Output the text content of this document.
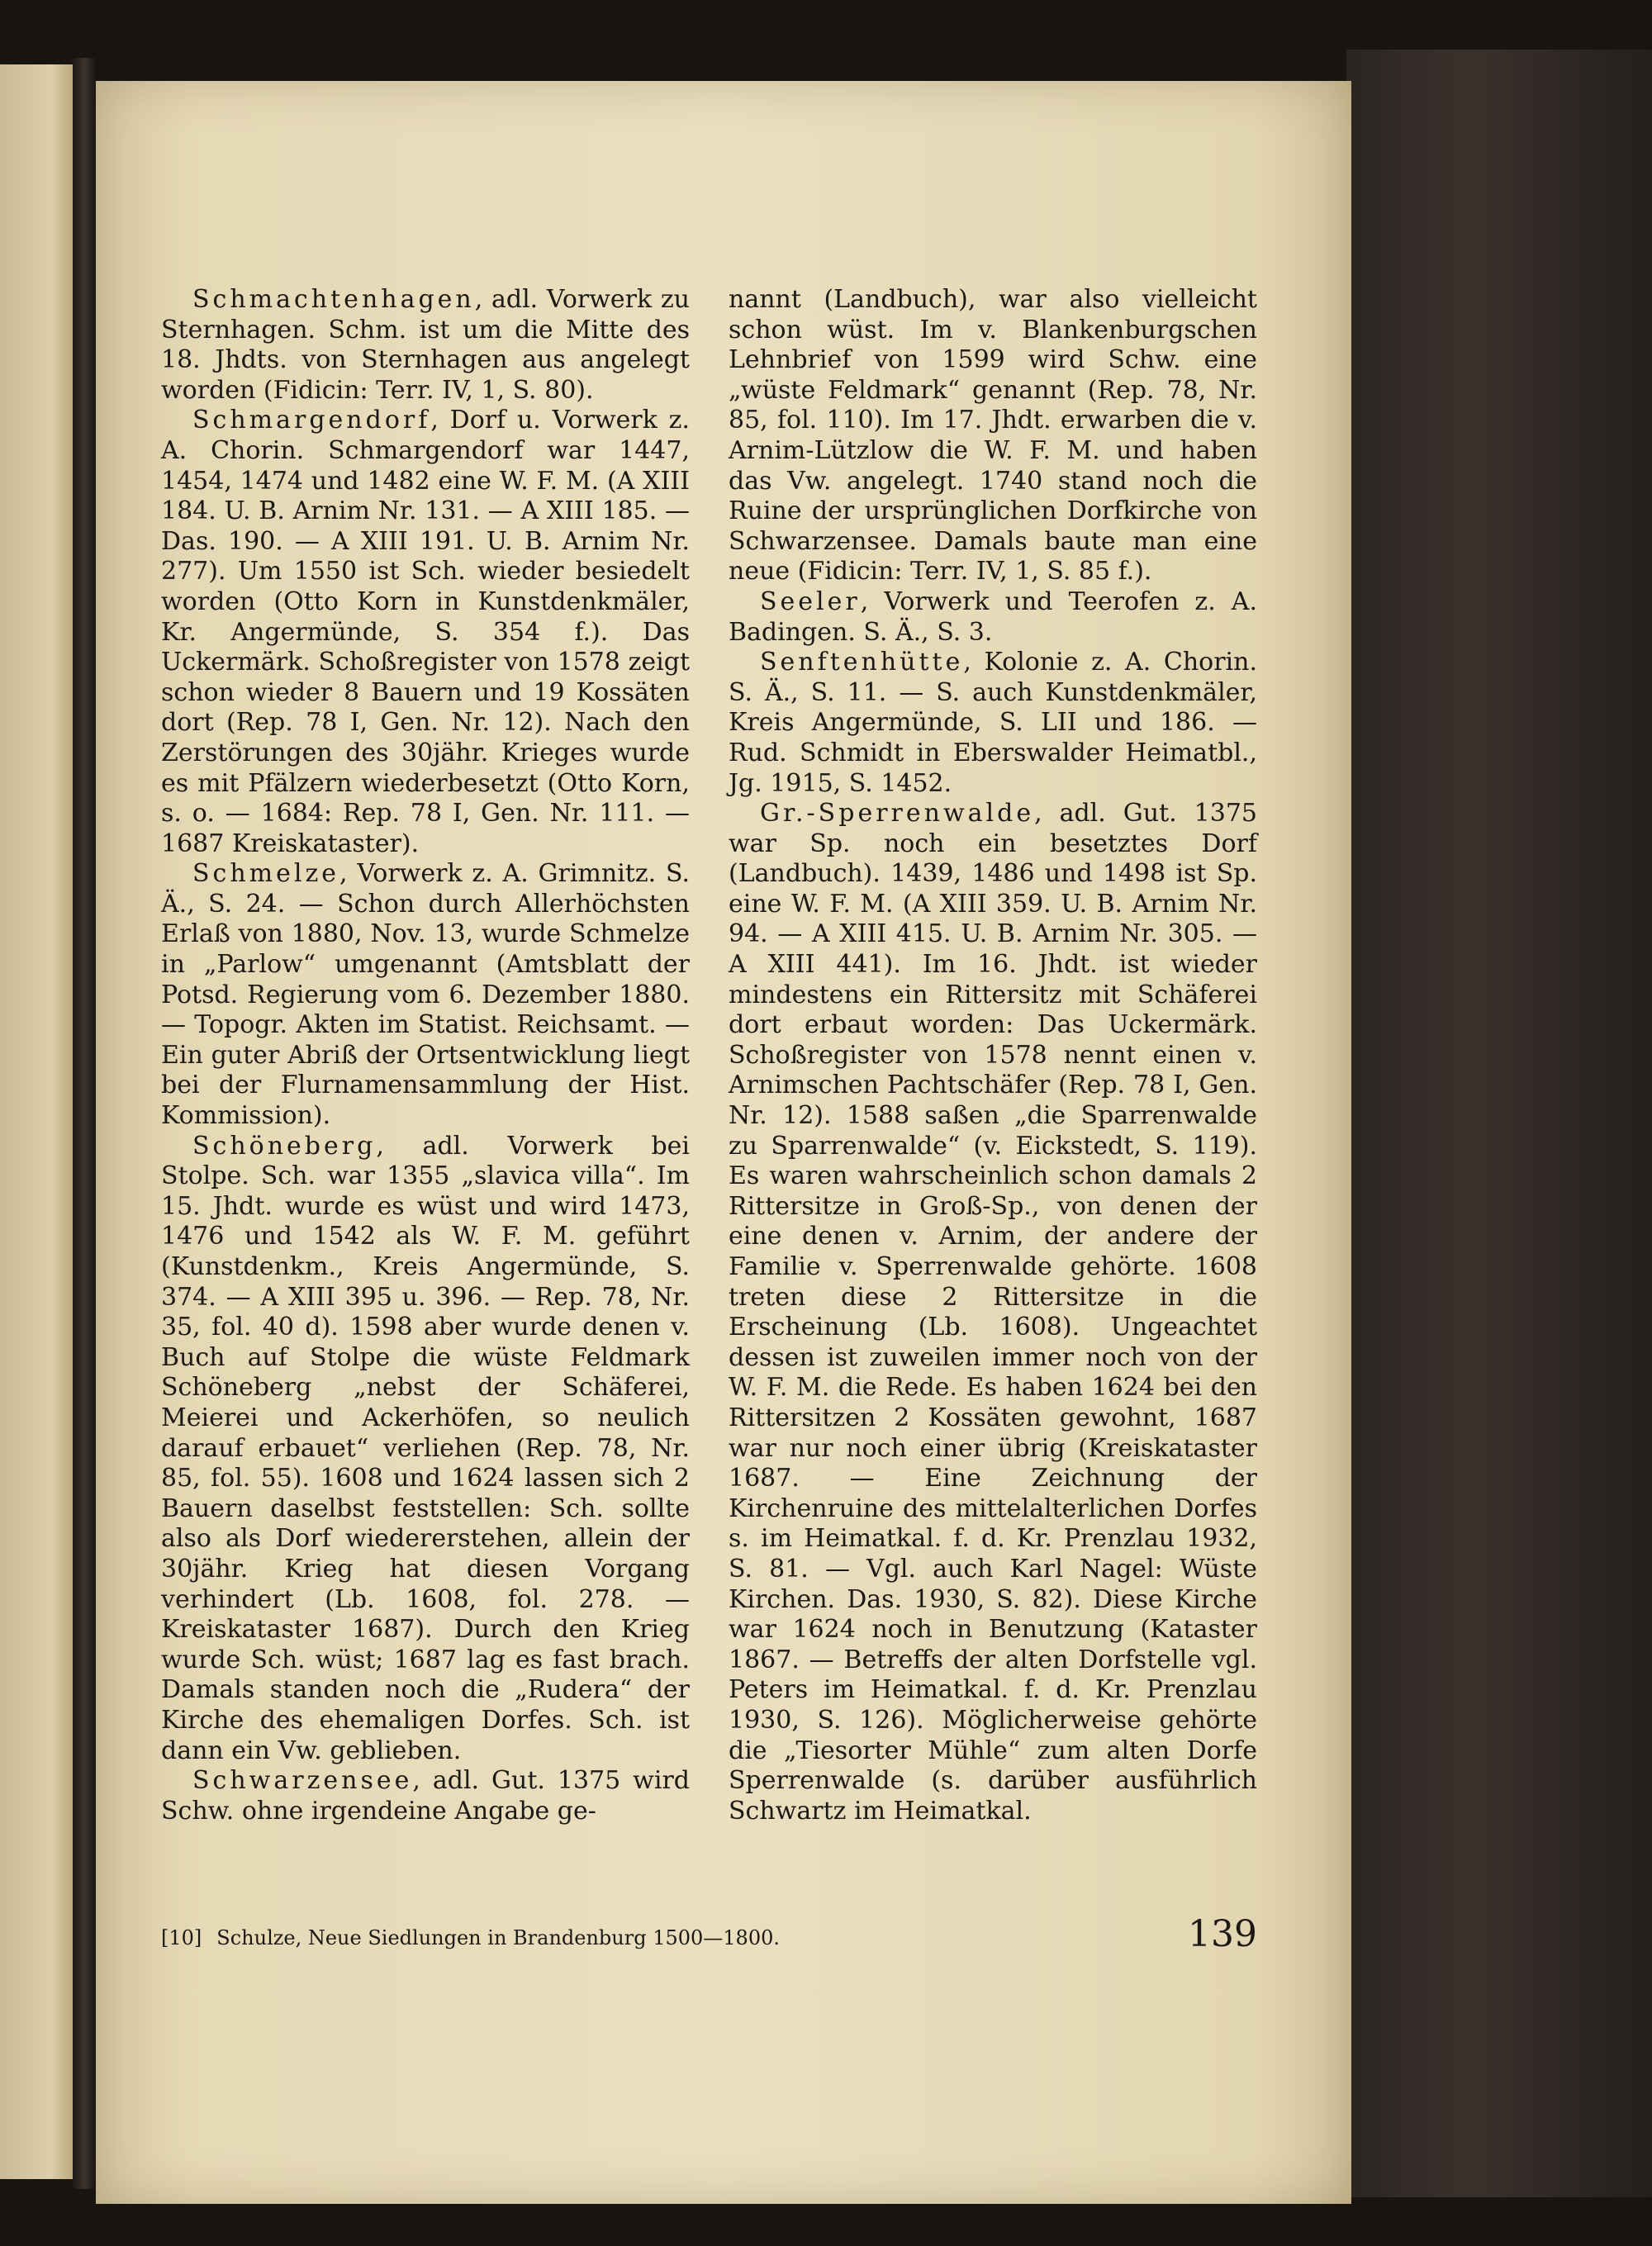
Schmachtenhagen, adl. Vorwerk zu Sternhagen. Schm. ist um die Mitte des 18. Jhdts. von Sternhagen aus angelegt worden (Fidicin: Terr. IV, 1, S. 80).

Schmargendorf, Dorf u. Vorwerk z. A. Chorin. Schmargendorf war 1447, 1454, 1474 und 1482 eine W. F. M. (A XIII 184. U. B. Arnim Nr. 131. — A XIII 185. — Das. 190. — A XIII 191. U. B. Arnim Nr. 277). Um 1550 ist Sch. wieder besiedelt worden (Otto Korn in Kunstdenkmäler, Kr. Angermünde, S. 354 f.). Das Uckermärk. Schoßregister von 1578 zeigt schon wieder 8 Bauern und 19 Kossäten dort (Rep. 78 I, Gen. Nr. 12). Nach den Zerstörungen des 30jähr. Krieges wurde es mit Pfälzern wiederbesetzt (Otto Korn, s. o. — 1684: Rep. 78 I, Gen. Nr. 111. — 1687 Kreiskataster).

Schmelze, Vorwerk z. A. Grimnitz. S. Ä., S. 24. — Schon durch Allerhöchsten Erlaß von 1880, Nov. 13, wurde Schmelze in „Parlow“ umgenannt (Amtsblatt der Potsd. Regierung vom 6. Dezember 1880. — Topogr. Akten im Statist. Reichsamt. — Ein guter Abriß der Ortsentwicklung liegt bei der Flurnamensammlung der Hist. Kommission).

Schöneberg, adl. Vorwerk bei Stolpe. Sch. war 1355 „slavica villa“. Im 15. Jhdt. wurde es wüst und wird 1473, 1476 und 1542 als W. F. M. geführt (Kunstdenkm., Kreis Angermünde, S. 374. — A XIII 395 u. 396. — Rep. 78, Nr. 35, fol. 40 d). 1598 aber wurde denen v. Buch auf Stolpe die wüste Feldmark Schöneberg „nebst der Schäferei, Meierei und Ackerhöfen, so neulich darauf erbauet“ verliehen (Rep. 78, Nr. 85, fol. 55). 1608 und 1624 lassen sich 2 Bauern daselbst feststellen: Sch. sollte also als Dorf wiedererstehen, allein der 30jähr. Krieg hat diesen Vorgang verhindert (Lb. 1608, fol. 278. — Kreiskataster 1687). Durch den Krieg wurde Sch. wüst; 1687 lag es fast brach. Damals standen noch die „Rudera“ der Kirche des ehemaligen Dorfes. Sch. ist dann ein Vw. geblieben.

Schwarzensee, adl. Gut. 1375 wird Schw. ohne irgendeine Angabe ge-

nannt (Landbuch), war also vielleicht schon wüst. Im v. Blankenburgschen Lehnbrief von 1599 wird Schw. eine „wüste Feldmark“ genannt (Rep. 78, Nr. 85, fol. 110). Im 17. Jhdt. erwarben die v. Arnim-Lützlow die W. F. M. und haben das Vw. angelegt. 1740 stand noch die Ruine der ursprünglichen Dorfkirche von Schwarzensee. Damals baute man eine neue (Fidicin: Terr. IV, 1, S. 85 f.).

Seeler, Vorwerk und Teerofen z. A. Badingen. S. Ä., S. 3.

Senftenhütte, Kolonie z. A. Chorin. S. Ä., S. 11. — S. auch Kunstdenkmäler, Kreis Angermünde, S. LII und 186. — Rud. Schmidt in Eberswalder Heimatbl., Jg. 1915, S. 1452.

Gr.-Sperrenwalde, adl. Gut. 1375 war Sp. noch ein besetztes Dorf (Landbuch). 1439, 1486 und 1498 ist Sp. eine W. F. M. (A XIII 359. U. B. Arnim Nr. 94. — A XIII 415. U. B. Arnim Nr. 305. — A XIII 441). Im 16. Jhdt. ist wieder mindestens ein Rittersitz mit Schäferei dort erbaut worden: Das Uckermärk. Schoßregister von 1578 nennt einen v. Arnimschen Pachtschäfer (Rep. 78 I, Gen. Nr. 12). 1588 saßen „die Sparrenwalde zu Sparrenwalde“ (v. Eickstedt, S. 119). Es waren wahrscheinlich schon damals 2 Rittersitze in Groß-Sp., von denen der eine denen v. Arnim, der andere der Familie v. Sperrenwalde gehörte. 1608 treten diese 2 Rittersitze in die Erscheinung (Lb. 1608). Ungeachtet dessen ist zuweilen immer noch von der W. F. M. die Rede. Es haben 1624 bei den Rittersitzen 2 Kossäten gewohnt, 1687 war nur noch einer übrig (Kreiskataster 1687. — Eine Zeichnung der Kirchenruine des mittelalterlichen Dorfes s. im Heimatkal. f. d. Kr. Prenzlau 1932, S. 81. — Vgl. auch Karl Nagel: Wüste Kirchen. Das. 1930, S. 82). Diese Kirche war 1624 noch in Benutzung (Kataster 1867. — Betreffs der alten Dorfstelle vgl. Peters im Heimatkal. f. d. Kr. Prenzlau 1930, S. 126). Möglicherweise gehörte die „Tiesorter Mühle“ zum alten Dorfe Sperrenwalde (s. darüber ausführlich Schwartz im Heimatkal.

[10] Schulze, Neue Siedlungen in Brandenburg 1500—1800.	139
